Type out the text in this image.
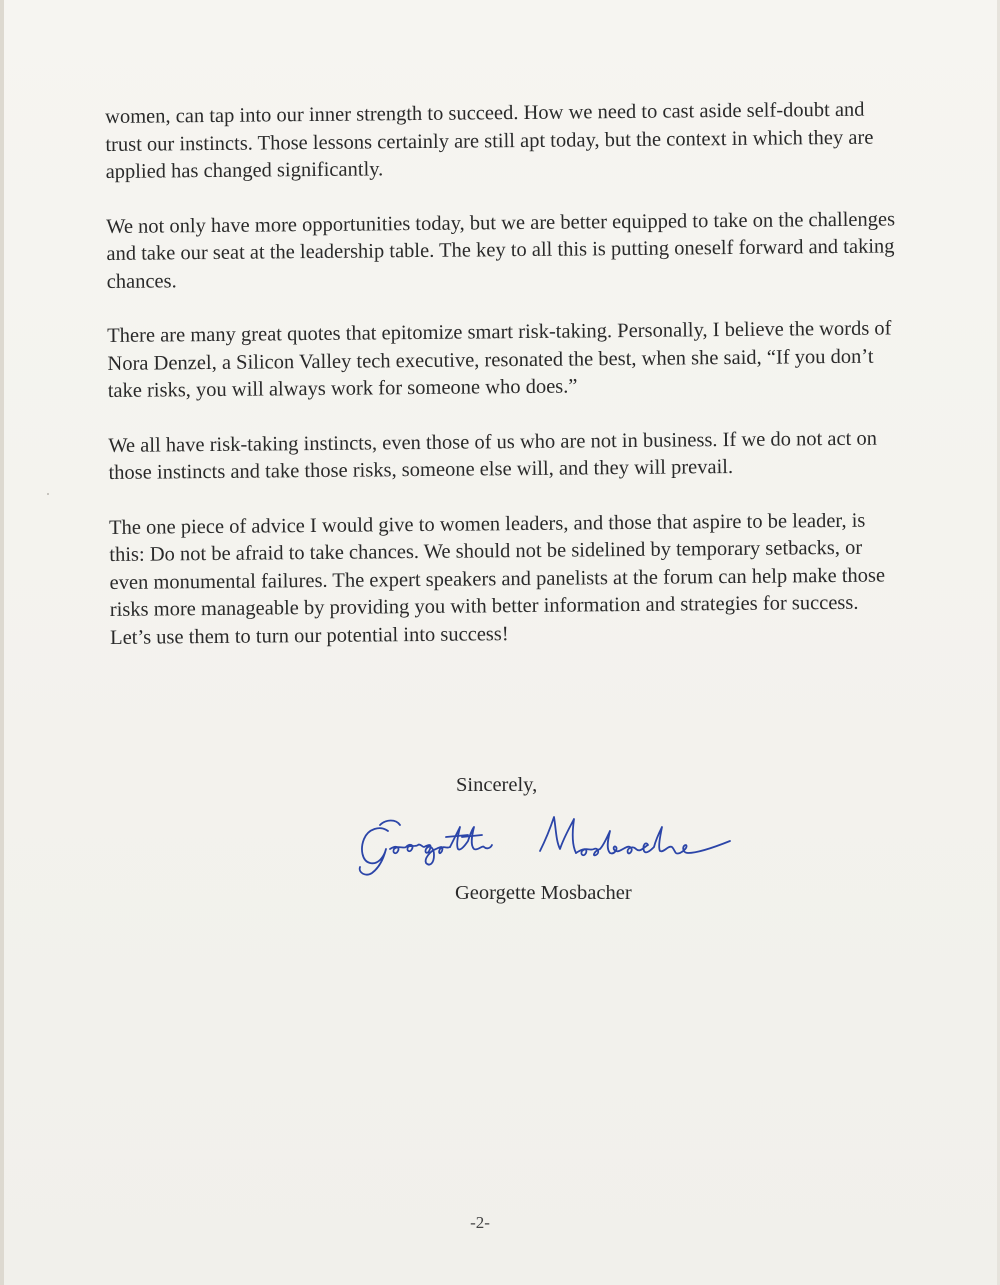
women, can tap into our inner strength to succeed. How we need to cast aside self-doubt and trust our instincts. Those lessons certainly are still apt today, but the context in which they are applied has changed significantly.

We not only have more opportunities today, but we are better equipped to take on the challenges and take our seat at the leadership table. The key to all this is putting oneself forward and taking chances.

There are many great quotes that epitomize smart risk-taking. Personally, I believe the words of Nora Denzel, a Silicon Valley tech executive, resonated the best, when she said, “If you don’t take risks, you will always work for someone who does.”

We all have risk-taking instincts, even those of us who are not in business. If we do not act on those instincts and take those risks, someone else will, and they will prevail.

The one piece of advice I would give to women leaders, and those that aspire to be leader, is this: Do not be afraid to take chances. We should not be sidelined by temporary setbacks, or even monumental failures. The expert speakers and panelists at the forum can help make those risks more manageable by providing you with better information and strategies for success. Let’s use them to turn our potential into success!

Sincerely,
Georgette Mosbacher
-2-
